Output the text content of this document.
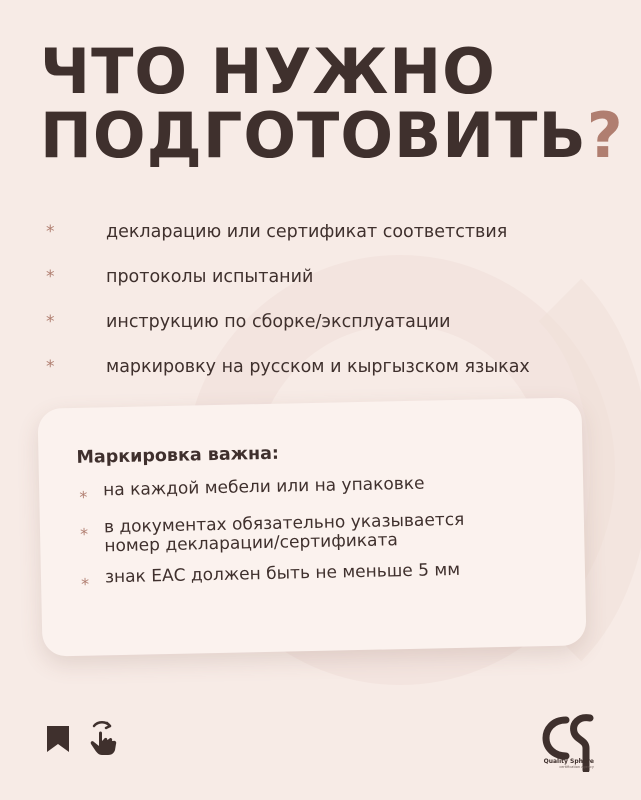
ЧТО НУЖНО
ПОДГОТОВИТЬ?
*	декларацию или сертификат соответствия
*	протоколы испытаний
*	инструкцию по сборке/эксплуатации
*	маркировку на русском и кыргызском языках
Маркировка важна:
* на каждой мебели или на упаковке
* в документах обязательно указывается номер декларации/сертификата
* знак ЕАС должен быть не меньше 5 мм
Quality Sphere
certification agency
